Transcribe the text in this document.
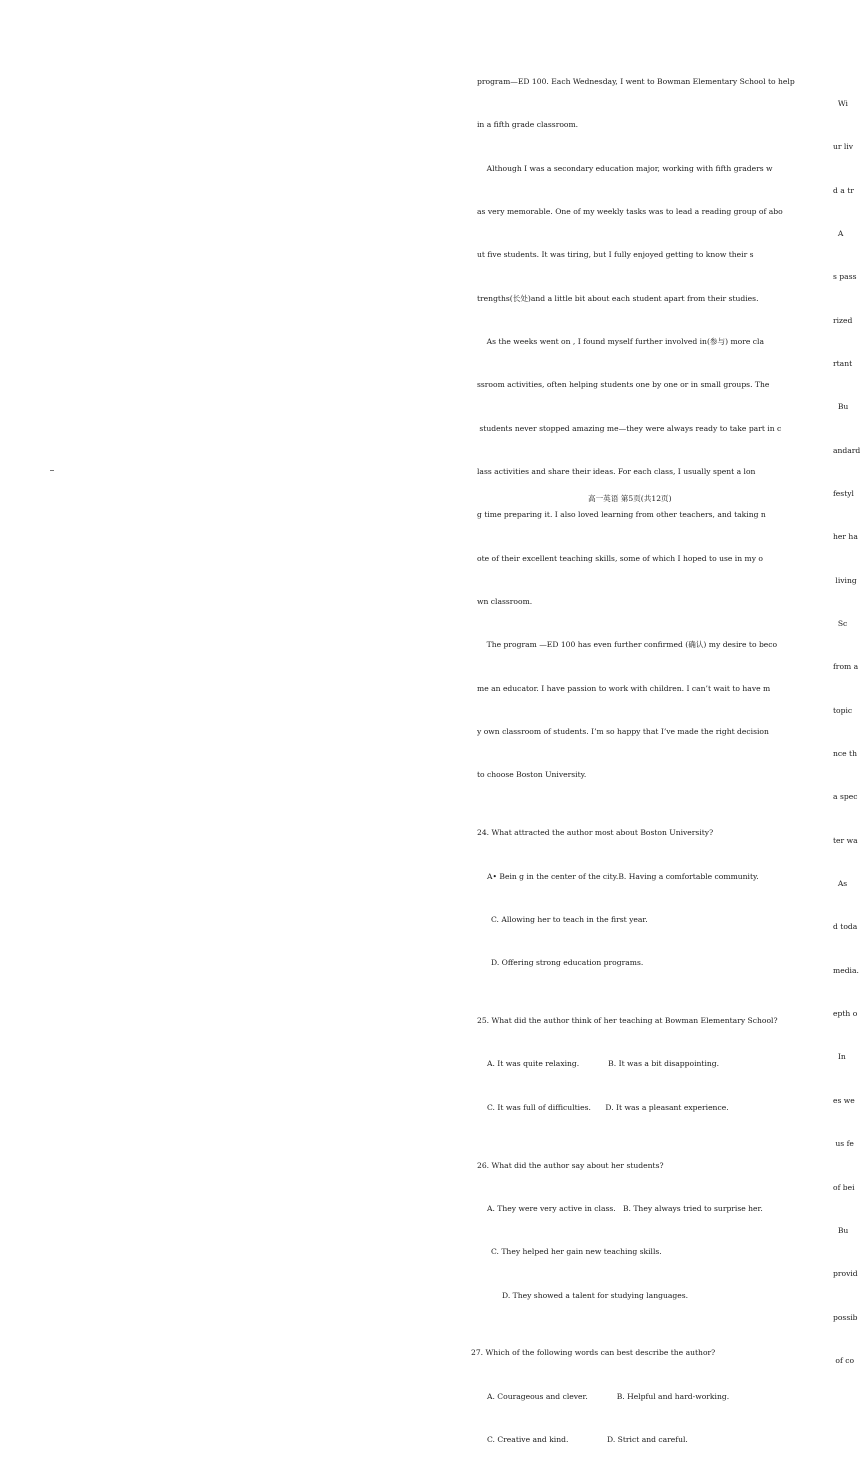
program—ED 100. Each Wednesday, I went to Bowman Elementary School to help

in a fifth grade classroom.

Although I was a secondary education major, working with fifth graders w

as very memorable. One of my weekly tasks was to lead a reading group of abo

ut five students. It was tiring, but I fully enjoyed getting to know their s

trengths(长处)and a little bit about each student apart from their studies.

As the weeks went on , I found myself further involved in(参与) more cla

ssroom activities, often helping students one by one or in small groups. The

students never stopped amazing me—they were always ready to take part in c

lass activities and share their ideas. For each class, I usually spent a lon

g time preparing it. I also loved learning from other teachers, and taking n

ote of their excellent teaching skills, some of which I hoped to use in my o

wn classroom.

The program —ED 100 has even further confirmed (确认) my desire to beco

me an educator. I have passion to work with children. I can’t wait to have m

y own classroom of students. I’m so happy that I’ve made the right decision

to choose Boston University.

24. What attracted the author most about Boston University?

A• Bein g in the center of the city.B. Having a comfortable community.

C. Allowing her to teach in the first year.

D. Offering strong education programs.

25. What did the author think of her teaching at Bowman Elementary School?

A. It was quite relaxing.            B. It was a bit disappointing.

C. It was full of difficulties.      D. It was a pleasant experience.

26. What did the author say about her students?

A. They were very active in class.   B. They always tried to surprise her.

C. They helped her gain new teaching skills.

D. They showed a talent for studying languages.

27. Which of the following words can best describe the author?

A. Courageous and clever.            B. Helpful and hard-working.

C. Creative and kind.                D. Strict and careful.

高一英语 第5页(共12页)

Wi

ur liv

d a tr

A

s pass

rized

rtant

Bu

andard

festyl

her ha

living

Sc

from a

topic

nce th

a spec

ter wa

As

d toda

media.

epth o

In

es we

us fe

of bei

Bu

provid

possib

of co
